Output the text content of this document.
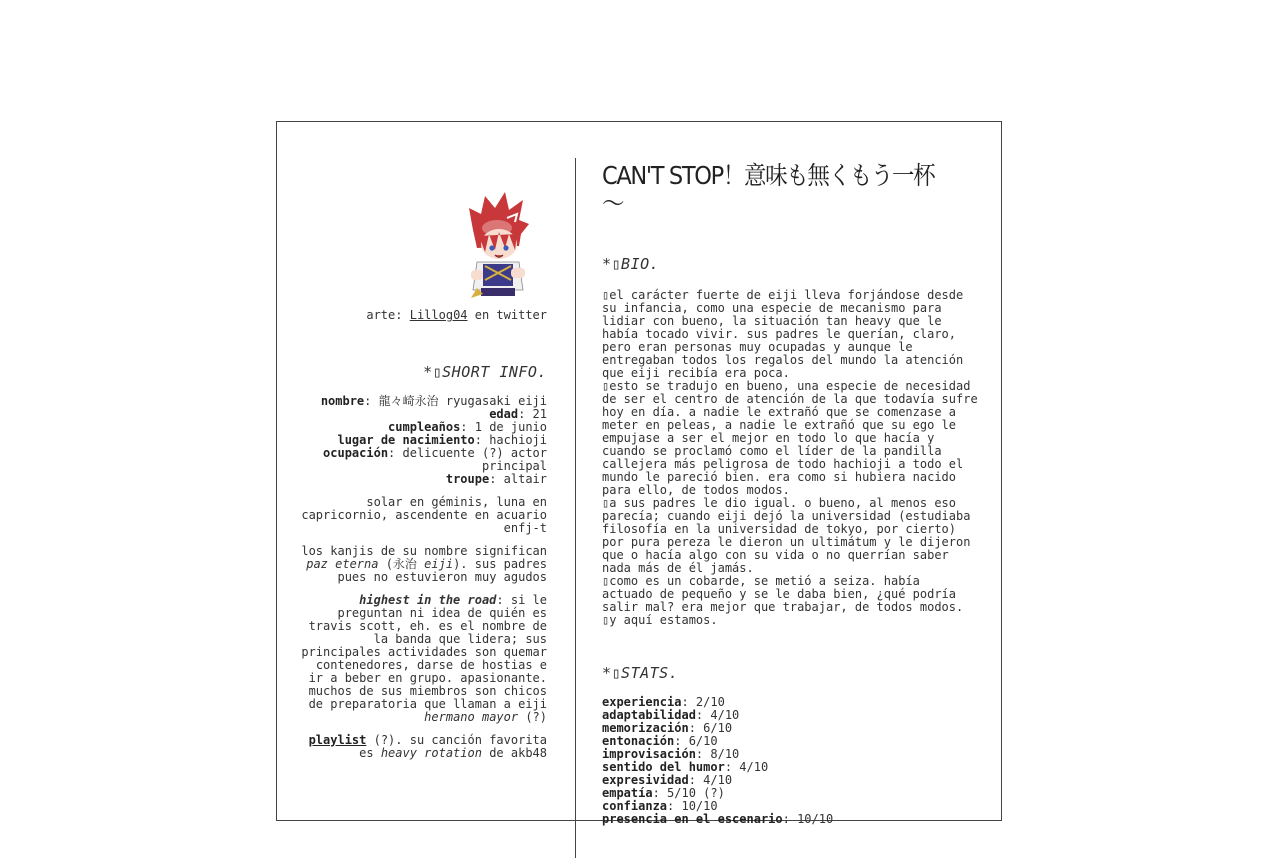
arte: Lillog04 en twitter
*▯SHORT INFO.
nombre: 龍々崎永治 ryugasaki eiji
edad: 21
cumpleaños: 1 de junio
lugar de nacimiento: hachioji
ocupación: delicuente (?) actor principal
troupe: altair

solar en géminis, luna en capricornio, ascendente en acuario
enfj-t

los kanjis de su nombre significan paz eterna (永治 eiji). sus padres pues no estuvieron muy agudos

highest in the road: si le preguntan ni idea de quién es travis scott, eh. es el nombre de la banda que lidera; sus principales actividades son quemar contenedores, darse de hostias e ir a beber en grupo. apasionante. muchos de sus miembros son chicos de preparatoria que llaman a eiji hermano mayor (?)

playlist (?). su canción favorita es heavy rotation de akb48

CAN'T STOP！意味も無くもう一杯～
*▯BIO.
▯el carácter fuerte de eiji lleva forjándose desde
su infancia, como una especie de mecanismo para
lidiar con bueno, la situación tan heavy que le
había tocado vivir. sus padres le querían, claro,
pero eran personas muy ocupadas y aunque le
entregaban todos los regalos del mundo la atención
que eiji recibía era poca.
▯esto se tradujo en bueno, una especie de necesidad
de ser el centro de atención de la que todavía sufre
hoy en día. a nadie le extrañó que se comenzase a
meter en peleas, a nadie le extrañó que su ego le
empujase a ser el mejor en todo lo que hacía y
cuando se proclamó como el líder de la pandilla
callejera más peligrosa de todo hachioji a todo el
mundo le pareció bien. era como si hubiera nacido
para ello, de todos modos.
▯a sus padres le dio igual. o bueno, al menos eso
parecía; cuando eiji dejó la universidad (estudiaba
filosofía en la universidad de tokyo, por cierto)
por pura pereza le dieron un ultimátum y le dijeron
que o hacía algo con su vida o no querrían saber
nada más de él jamás.
▯como es un cobarde, se metió a seiza. había
actuado de pequeño y se le daba bien, ¿qué podría
salir mal? era mejor que trabajar, de todos modos.
▯y aquí estamos.
*▯STATS.
experiencia: 2/10
adaptabilidad: 4/10
memorización: 6/10
entonación: 6/10
improvisación: 8/10
sentido del humor: 4/10
expresividad: 4/10
empatía: 5/10 (?)
confianza: 10/10
presencia en el escenario: 10/10
